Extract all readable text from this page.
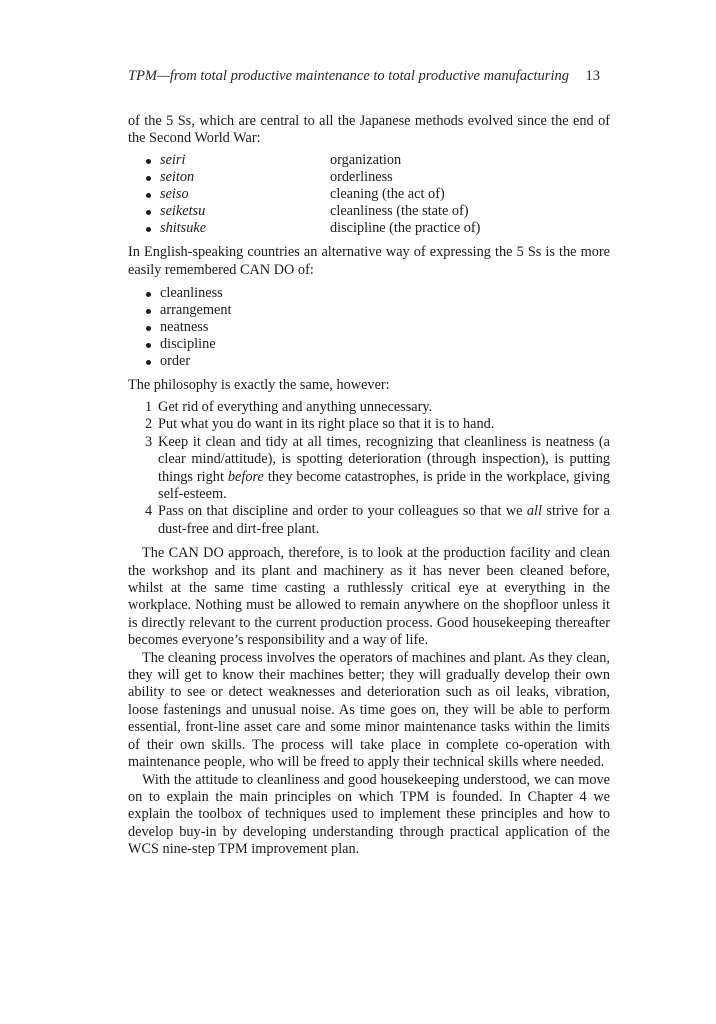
TPM—from total productive maintenance to total productive manufacturing 13

of the 5 Ss, which are central to all the Japanese methods evolved since the end of the Second World War:

seiri	organization
seiton	orderliness
seiso	cleaning (the act of)
seiketsu	cleanliness (the state of)
shitsuke	discipline (the practice of)

In English-speaking countries an alternative way of expressing the 5 Ss is the more easily remembered CAN DO of:

cleanliness
arrangement
neatness
discipline
order

The philosophy is exactly the same, however:

1 Get rid of everything and anything unnecessary.
2 Put what you do want in its right place so that it is to hand.
3 Keep it clean and tidy at all times, recognizing that cleanliness is neatness (a clear mind/attitude), is spotting deterioration (through inspection), is putting things right before they become catastrophes, is pride in the workplace, giving self-esteem.
4 Pass on that discipline and order to your colleagues so that we all strive for a dust-free and dirt-free plant.

The CAN DO approach, therefore, is to look at the production facility and clean the workshop and its plant and machinery as it has never been cleaned before, whilst at the same time casting a ruthlessly critical eye at everything in the workplace. Nothing must be allowed to remain anywhere on the shopfloor unless it is directly relevant to the current production process. Good housekeeping thereafter becomes everyone’s responsibility and a way of life.

The cleaning process involves the operators of machines and plant. As they clean, they will get to know their machines better; they will gradually develop their own ability to see or detect weaknesses and deterioration such as oil leaks, vibration, loose fastenings and unusual noise. As time goes on, they will be able to perform essential, front-line asset care and some minor maintenance tasks within the limits of their own skills. The process will take place in complete co-operation with maintenance people, who will be freed to apply their technical skills where needed.

With the attitude to cleanliness and good housekeeping understood, we can move on to explain the main principles on which TPM is founded. In Chapter 4 we explain the toolbox of techniques used to implement these principles and how to develop buy-in by developing understanding through practical application of the WCS nine-step TPM improvement plan.
